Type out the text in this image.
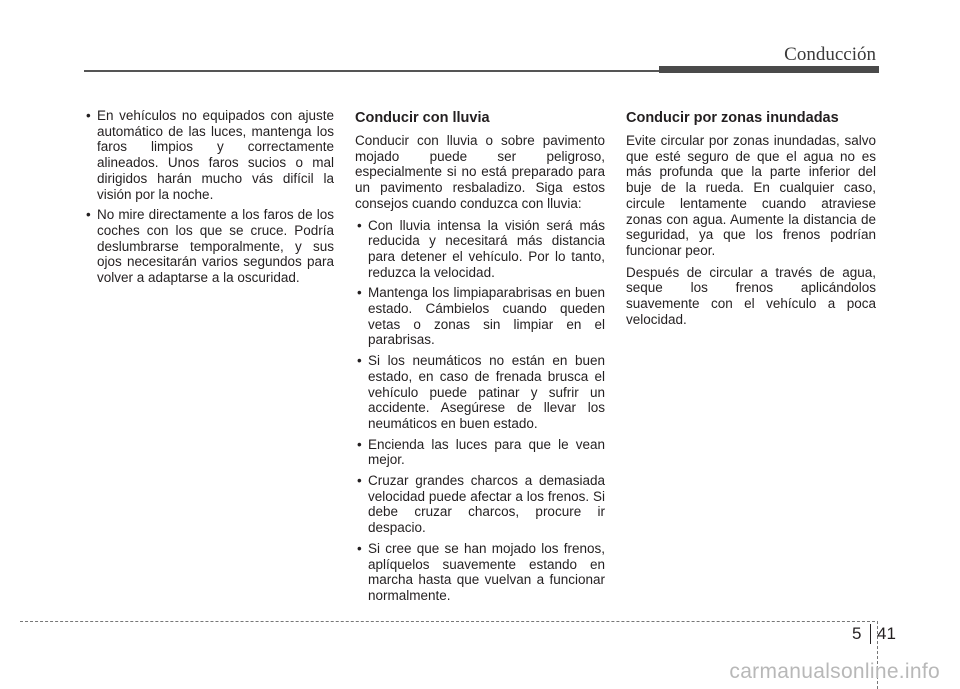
Conducción
• En vehículos no equipados con ajuste automático de las luces, mantenga los faros limpios y correctamente alineados. Unos faros sucios o mal dirigidos harán mucho vás difícil la visión por la noche.
• No mire directamente a los faros de los coches con los que se cruce. Podría deslumbrarse temporalmente, y sus ojos necesitarán varios segundos para volver a adaptarse a la oscuridad.
Conducir con lluvia

Conducir con lluvia o sobre pavimento mojado puede ser peligroso, especialmente si no está preparado para un pavimento resbaladizo. Siga estos consejos cuando conduzca con lluvia:

• Con lluvia intensa la visión será más reducida y necesitará más distancia para detener el vehículo. Por lo tanto, reduzca la velocidad.
• Mantenga los limpiaparabrisas en buen estado. Cámbielos cuando queden vetas o zonas sin limpiar en el parabrisas.
• Si los neumáticos no están en buen estado, en caso de frenada brusca el vehículo puede patinar y sufrir un accidente. Asegúrese de llevar los neumáticos en buen estado.
• Encienda las luces para que le vean mejor.
• Cruzar grandes charcos a demasiada velocidad puede afectar a los frenos. Si debe cruzar charcos, procure ir despacio.
• Si cree que se han mojado los frenos, aplíquelos suavemente estando en marcha hasta que vuelvan a funcionar normalmente.
Conducir por zonas inundadas

Evite circular por zonas inundadas, salvo que esté seguro de que el agua no es más profunda que la parte inferior del buje de la rueda. En cualquier caso, circule lentamente cuando atraviese zonas con agua. Aumente la distancia de seguridad, ya que los frenos podrían funcionar peor.

Después de circular a través de agua, seque los frenos aplicándolos suavemente con el vehículo a poca velocidad.

5 41
carmanualsonline.info
